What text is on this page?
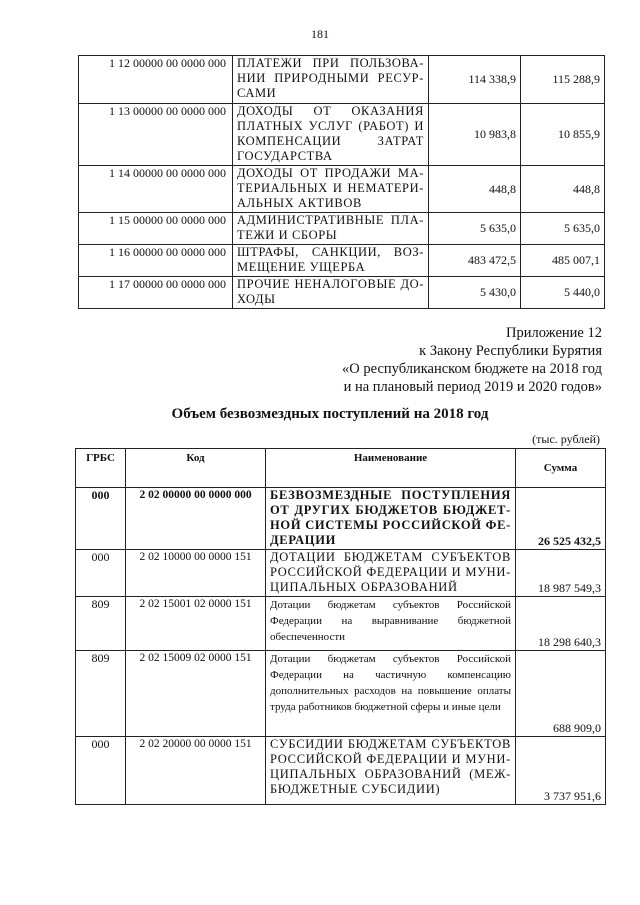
181
1 12 00000 00 0000 000	ПЛАТЕЖИ ПРИ ПОЛЬЗОВА-НИИ ПРИРОДНЫМИ РЕСУР-САМИ	114 338,9	115 288,9
1 13 00000 00 0000 000	ДОХОДЫ ОТ ОКАЗАНИЯ ПЛАТНЫХ УСЛУГ (РАБОТ) И КОМПЕНСАЦИИ ЗАТРАТ ГОСУДАРСТВА	10 983,8	10 855,9
1 14 00000 00 0000 000	ДОХОДЫ ОТ ПРОДАЖИ МА-ТЕРИАЛЬНЫХ И НЕМАТЕРИ-АЛЬНЫХ АКТИВОВ	448,8	448,8
1 15 00000 00 0000 000	АДМИНИСТРАТИВНЫЕ ПЛА-ТЕЖИ И СБОРЫ	5 635,0	5 635,0
1 16 00000 00 0000 000	ШТРАФЫ, САНКЦИИ, ВОЗ-МЕЩЕНИЕ УЩЕРБА	483 472,5	485 007,1
1 17 00000 00 0000 000	ПРОЧИЕ НЕНАЛОГОВЫЕ ДО-ХОДЫ	5 430,0	5 440,0
Приложение 12
к Закону Республики Бурятия
«О республиканском бюджете на 2018 год
и на плановый период 2019 и 2020 годов»
Объем безвозмездных поступлений на 2018 год
(тыс. рублей)
ГРБС	Код	Наименование	Сумма
000	2 02 00000 00 0000 000	БЕЗВОЗМЕЗДНЫЕ ПОСТУПЛЕНИЯ ОТ ДРУГИХ БЮДЖЕТОВ БЮДЖЕТ-НОЙ СИСТЕМЫ РОССИЙСКОЙ ФЕ-ДЕРАЦИИ	26 525 432,5
000	2 02 10000 00 0000 151	ДОТАЦИИ БЮДЖЕТАМ СУБЪЕКТОВ РОССИЙСКОЙ ФЕДЕРАЦИИ И МУНИ-ЦИПАЛЬНЫХ ОБРАЗОВАНИЙ	18 987 549,3
809	2 02 15001 02 0000 151	Дотации бюджетам субъектов Российской Федерации на выравнивание бюджетной обеспеченности	18 298 640,3
809	2 02 15009 02 0000 151	Дотации бюджетам субъектов Российской Федерации на частичную компенсацию дополнительных расходов на повышение оплаты труда работников бюджетной сферы и иные цели	688 909,0
000	2 02 20000 00 0000 151	СУБСИДИИ БЮДЖЕТАМ СУБЪЕКТОВ РОССИЙСКОЙ ФЕДЕРАЦИИ И МУНИ-ЦИПАЛЬНЫХ ОБРАЗОВАНИЙ (МЕЖ-БЮДЖЕТНЫЕ СУБСИДИИ)	3 737 951,6
